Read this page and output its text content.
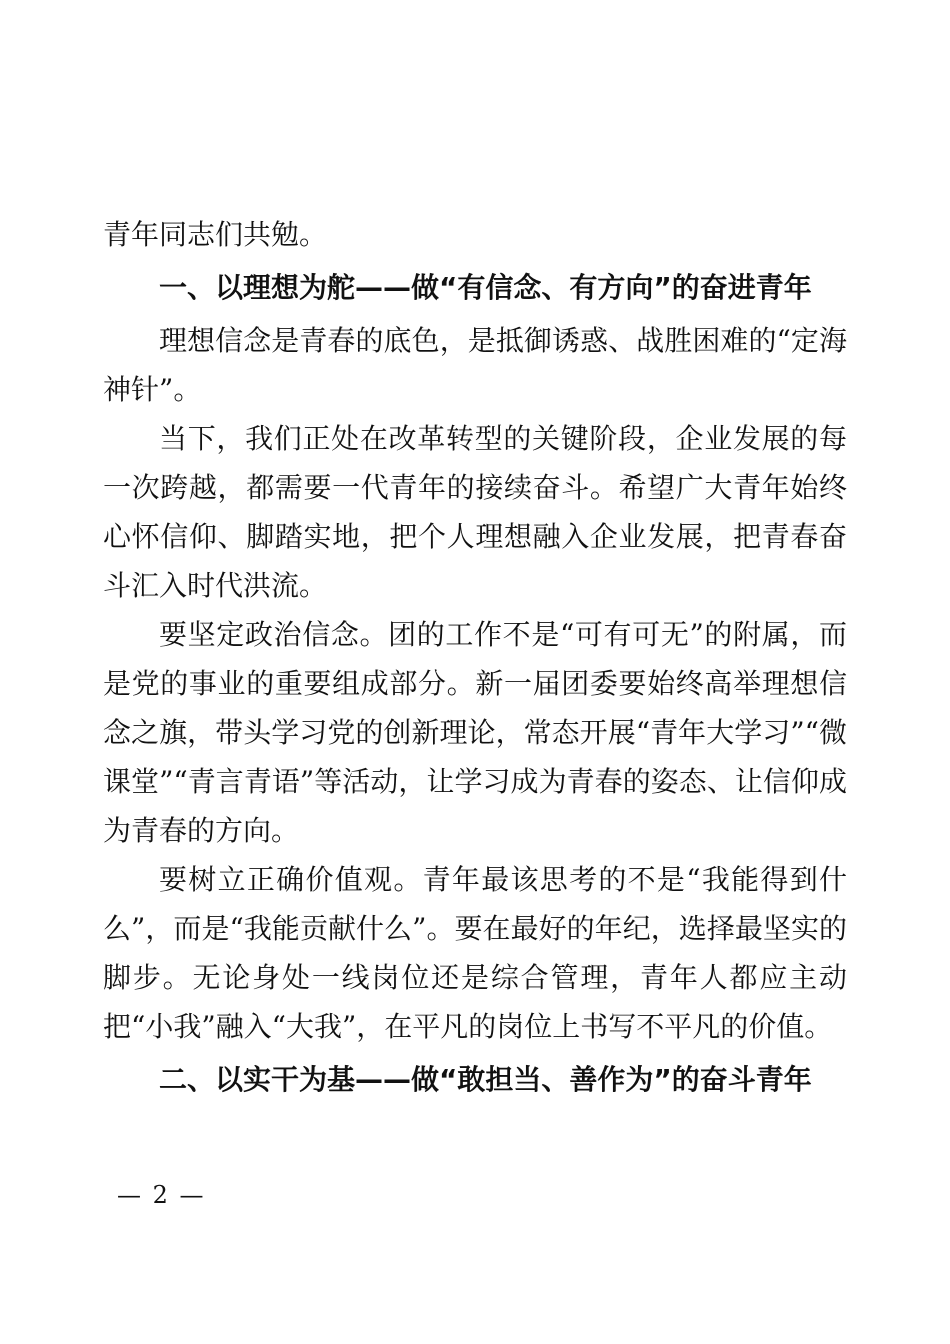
青年同志们共勉。

一、以理想为舵——做“有信念、有方向”的奋进青年

理想信念是青春的底色，是抵御诱惑、战胜困难的“定海神针”。

当下，我们正处在改革转型的关键阶段，企业发展的每一次跨越，都需要一代青年的接续奋斗。希望广大青年始终心怀信仰、脚踏实地，把个人理想融入企业发展，把青春奋斗汇入时代洪流。

要坚定政治信念。团的工作不是“可有可无”的附属，而是党的事业的重要组成部分。新一届团委要始终高举理想信念之旗，带头学习党的创新理论，常态开展“青年大学习”“微课堂”“青言青语”等活动，让学习成为青春的姿态、让信仰成为青春的方向。

要树立正确价值观。青年最该思考的不是“我能得到什么”，而是“我能贡献什么”。要在最好的年纪，选择最坚实的脚步。无论身处一线岗位还是综合管理，青年人都应主动把“小我”融入“大我”，在平凡的岗位上书写不平凡的价值。

二、以实干为基——做“敢担当、善作为”的奋斗青年

— 2 —
